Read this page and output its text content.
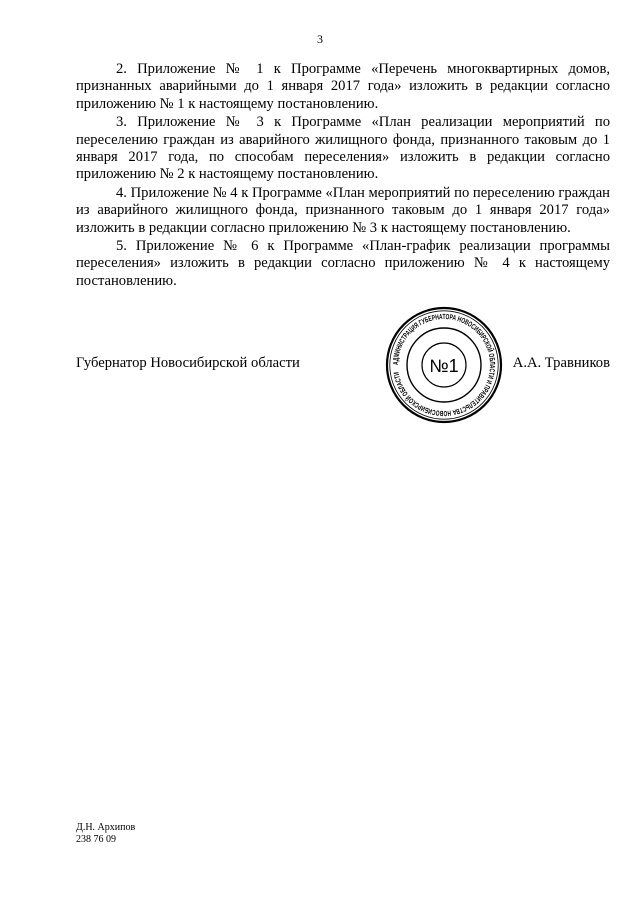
3

2. Приложение № 1 к Программе «Перечень многоквартирных домов, признанных аварийными до 1 января 2017 года» изложить в редакции согласно приложению № 1 к настоящему постановлению.

3. Приложение № 3 к Программе «План реализации мероприятий по переселению граждан из аварийного жилищного фонда, признанного таковым до 1 января 2017 года, по способам переселения» изложить в редакции согласно приложению № 2 к настоящему постановлению.

4. Приложение № 4 к Программе «План мероприятий по переселению граждан из аварийного жилищного фонда, признанного таковым до 1 января 2017 года» изложить в редакции согласно приложению № 3 к настоящему постановлению.

5. Приложение № 6 к Программе «План-график реализации программы переселения» изложить в редакции согласно приложению № 4 к настоящему постановлению.

Губернатор Новосибирской области	А.А. Травников
АДМИНИСТРАЦИЯ ГУБЕРНАТОРА НОВОСИБИРСКОЙ ОБЛАСТИ И ПРАВИТЕЛЬСТВА НОВОСИБИРСКОЙ ОБЛАСТИ	№1
Д.Н. Архипов
238 76 09
